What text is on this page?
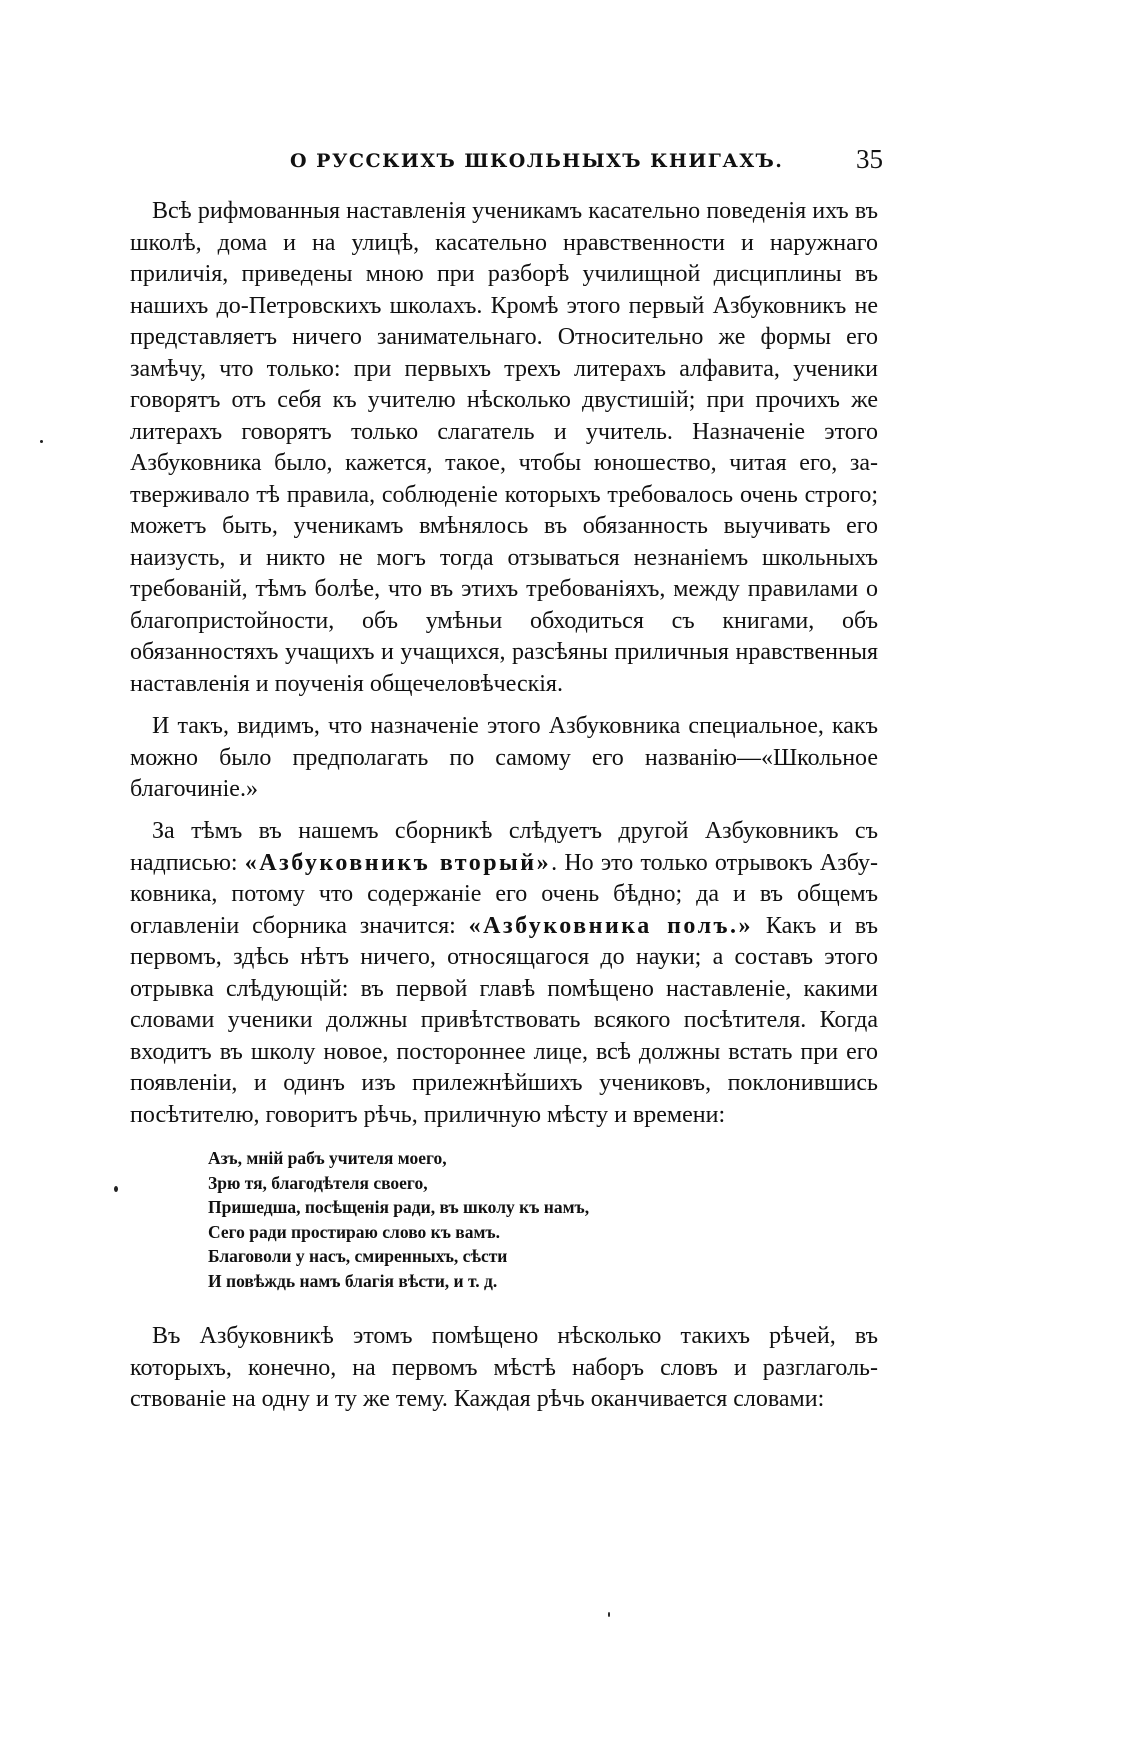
О РУССКИХЪ ШКОЛЬНЫХЪ КНИГАХЪ.	35

Всѣ рифмованныя наставленія ученикамъ касательно поведенія ихъ въ школѣ, дома и на улицѣ, касательно нравственности и наружнаго приличія, приведены мною при разборѣ училищной дисциплины въ нашихъ до-Петровскихъ школахъ. Кромѣ этого первый Азбуковникъ не представляетъ ничего занимательнаго. Относительно же формы его замѣчу, что только: при первыхъ трехъ литерахъ алфавита, ученики говорятъ отъ себя къ учителю нѣсколько двустишій; при прочихъ же литерахъ говорятъ только слагатель и учитель. Назначеніе этого Азбуковника было, кажется, такое, чтобы юношество, читая его, затверживало тѣ правила, соблюденіе которыхъ требовалось очень строго; можетъ быть, ученикамъ вмѣнялось въ обязанность выучивать его наизусть, и никто не могъ тогда отзываться незнаніемъ школьныхъ требованій, тѣмъ болѣе, что въ этихъ требованіяхъ, между правилами о благопристойности, объ умѣньи обходиться съ книгами, объ обязанностяхъ учащихъ и учащихся, разсѣяны приличныя нравственныя наставленія и поученія общечеловѣческія.

И такъ, видимъ, что назначеніе этого Азбуковника специальное, какъ можно было предполагать по самому его названію—«Школьное благочиніе.»

За тѣмъ въ нашемъ сборникѣ слѣдуетъ другой Азбуковникъ съ надписью: «Азбуковникъ вторый». Но это только отрывокъ Азбуковника, потому что содержаніе его очень бѣдно; да и въ общемъ оглавленіи сборника значится: «Азбуковника полъ.» Какъ и въ первомъ, здѣсь нѣтъ ничего, относящагося до науки; а составъ этого отрывка слѣдующій: въ первой главѣ помѣщено наставленіе, какими словами ученики должны привѣтствовать всякого посѣтителя. Когда входитъ въ школу новое, постороннее лице, всѣ должны встать при его появленіи, и одинъ изъ прилежнѣйшихъ учениковъ, поклонившись посѣтителю, говоритъ рѣчь, приличную мѣсту и времени:

Азъ, мнiй рабъ учителя моего,
Зрю тя, благодѣтеля своего,
Пришедша, посѣщенія ради, въ школу къ намъ,
Сего ради простираю слово къ вамъ.
Благоволи у насъ, смиренныхъ, сѣсти
И повѣждь намъ благія вѣсти, и т. д.

Въ Азбуковникѣ этомъ помѣщено нѣсколько такихъ рѣчей, въ которыхъ, конечно, на первомъ мѣстѣ наборъ словъ и разглагольствованіе на одну и ту же тему. Каждая рѣчь оканчивается словами:
